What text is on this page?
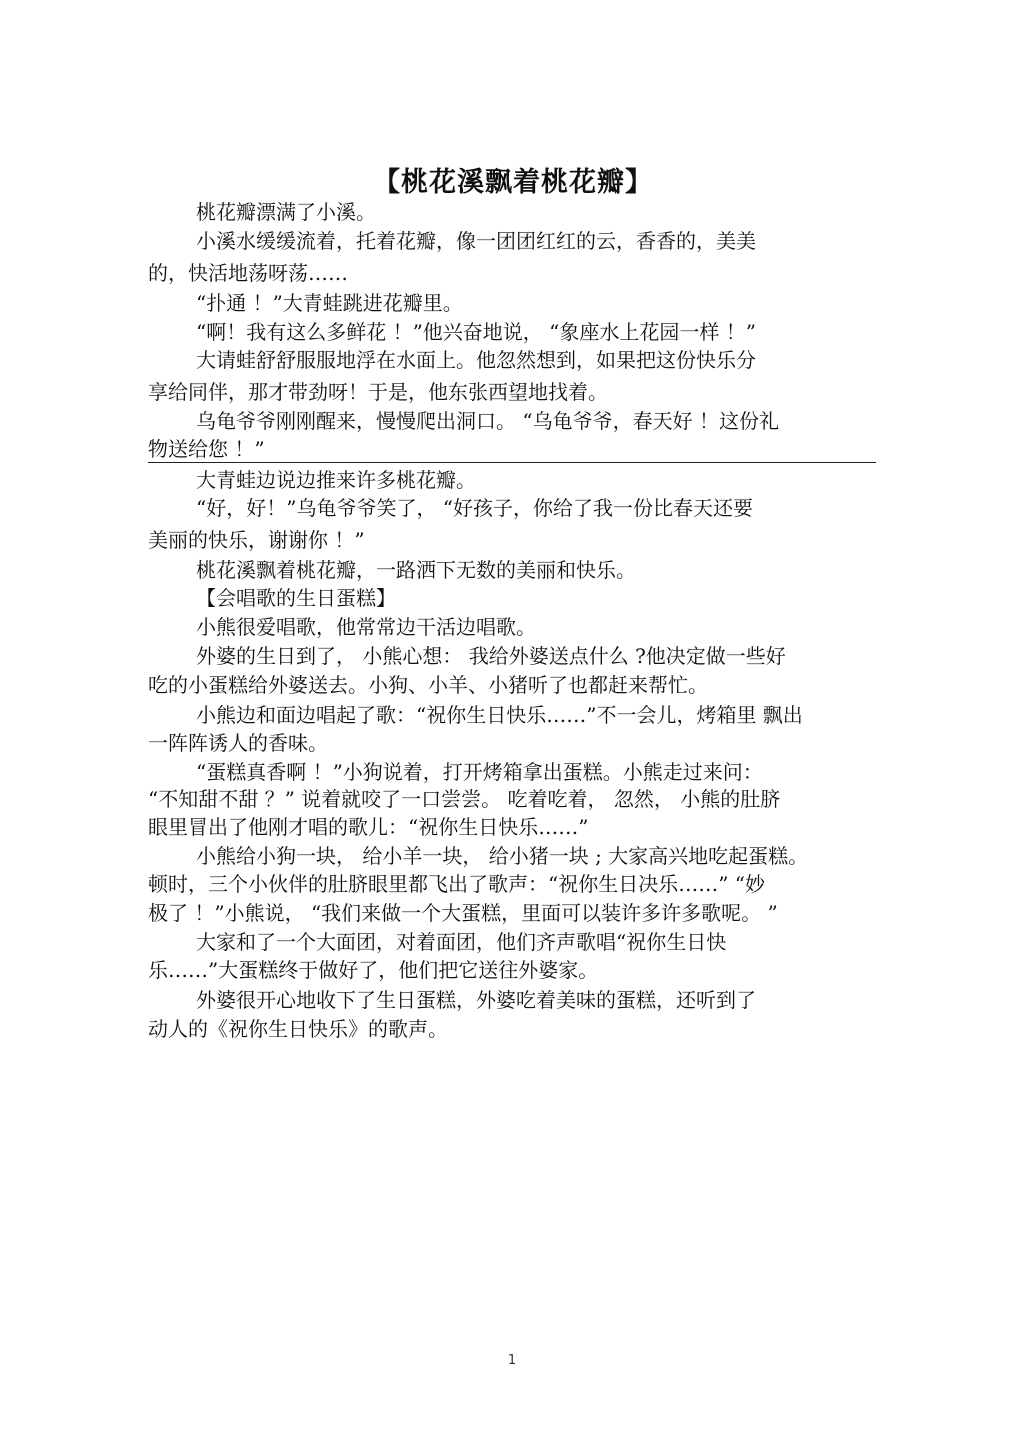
【桃花溪飘着桃花瓣】
桃花瓣漂满了小溪。
小溪水缓缓流着，托着花瓣，像一团团红红的云，香香的，美美
的，快活地荡呀荡……
“扑通 ！”大青蛙跳进花瓣里。
“啊！我有这么多鲜花 ！”他兴奋地说， “象座水上花园一样 ！”
大请蛙舒舒服服地浮在水面上。他忽然想到，如果把这份快乐分
享给同伴，那才带劲呀！于是，他东张西望地找着。
乌龟爷爷刚刚醒来，慢慢爬出洞口。 “乌龟爷爷，春天好 ！这份礼
物送给您 ！”
大青蛙边说边推来许多桃花瓣。
“好，好！”乌龟爷爷笑了， “好孩子，你给了我一份比春天还要
美丽的快乐，谢谢你 ！”
桃花溪飘着桃花瓣，一路洒下无数的美丽和快乐。
【会唱歌的生日蛋糕】
小熊很爱唱歌，他常常边干活边唱歌。
外婆的生日到了， 小熊心想： 我给外婆送点什么 ?他决定做一些好
吃的小蛋糕给外婆送去。小狗、小羊、小猪听了也都赶来帮忙。
小熊边和面边唱起了歌：“祝你生日快乐……”不一会儿，烤箱里 飘出
一阵阵诱人的香味。
“蛋糕真香啊 ！”小狗说着，打开烤箱拿出蛋糕。小熊走过来问：
“不知甜不甜 ？” 说着就咬了一口尝尝。 吃着吃着， 忽然， 小熊的肚脐
眼里冒出了他刚才唱的歌儿：“祝你生日快乐……”
小熊给小狗一块， 给小羊一块， 给小猪一块 ; 大家高兴地吃起蛋糕。
顿时，三个小伙伴的肚脐眼里都飞出了歌声：“祝你生日决乐……” “妙
极了 ！”小熊说， “我们来做一个大蛋糕，里面可以装许多许多歌呢。 ”
大家和了一个大面团，对着面团，他们齐声歌唱“祝你生日快
乐……”大蛋糕终于做好了，他们把它送往外婆家。
外婆很开心地收下了生日蛋糕，外婆吃着美味的蛋糕，还听到了
动人的《祝你生日快乐》的歌声。
1
